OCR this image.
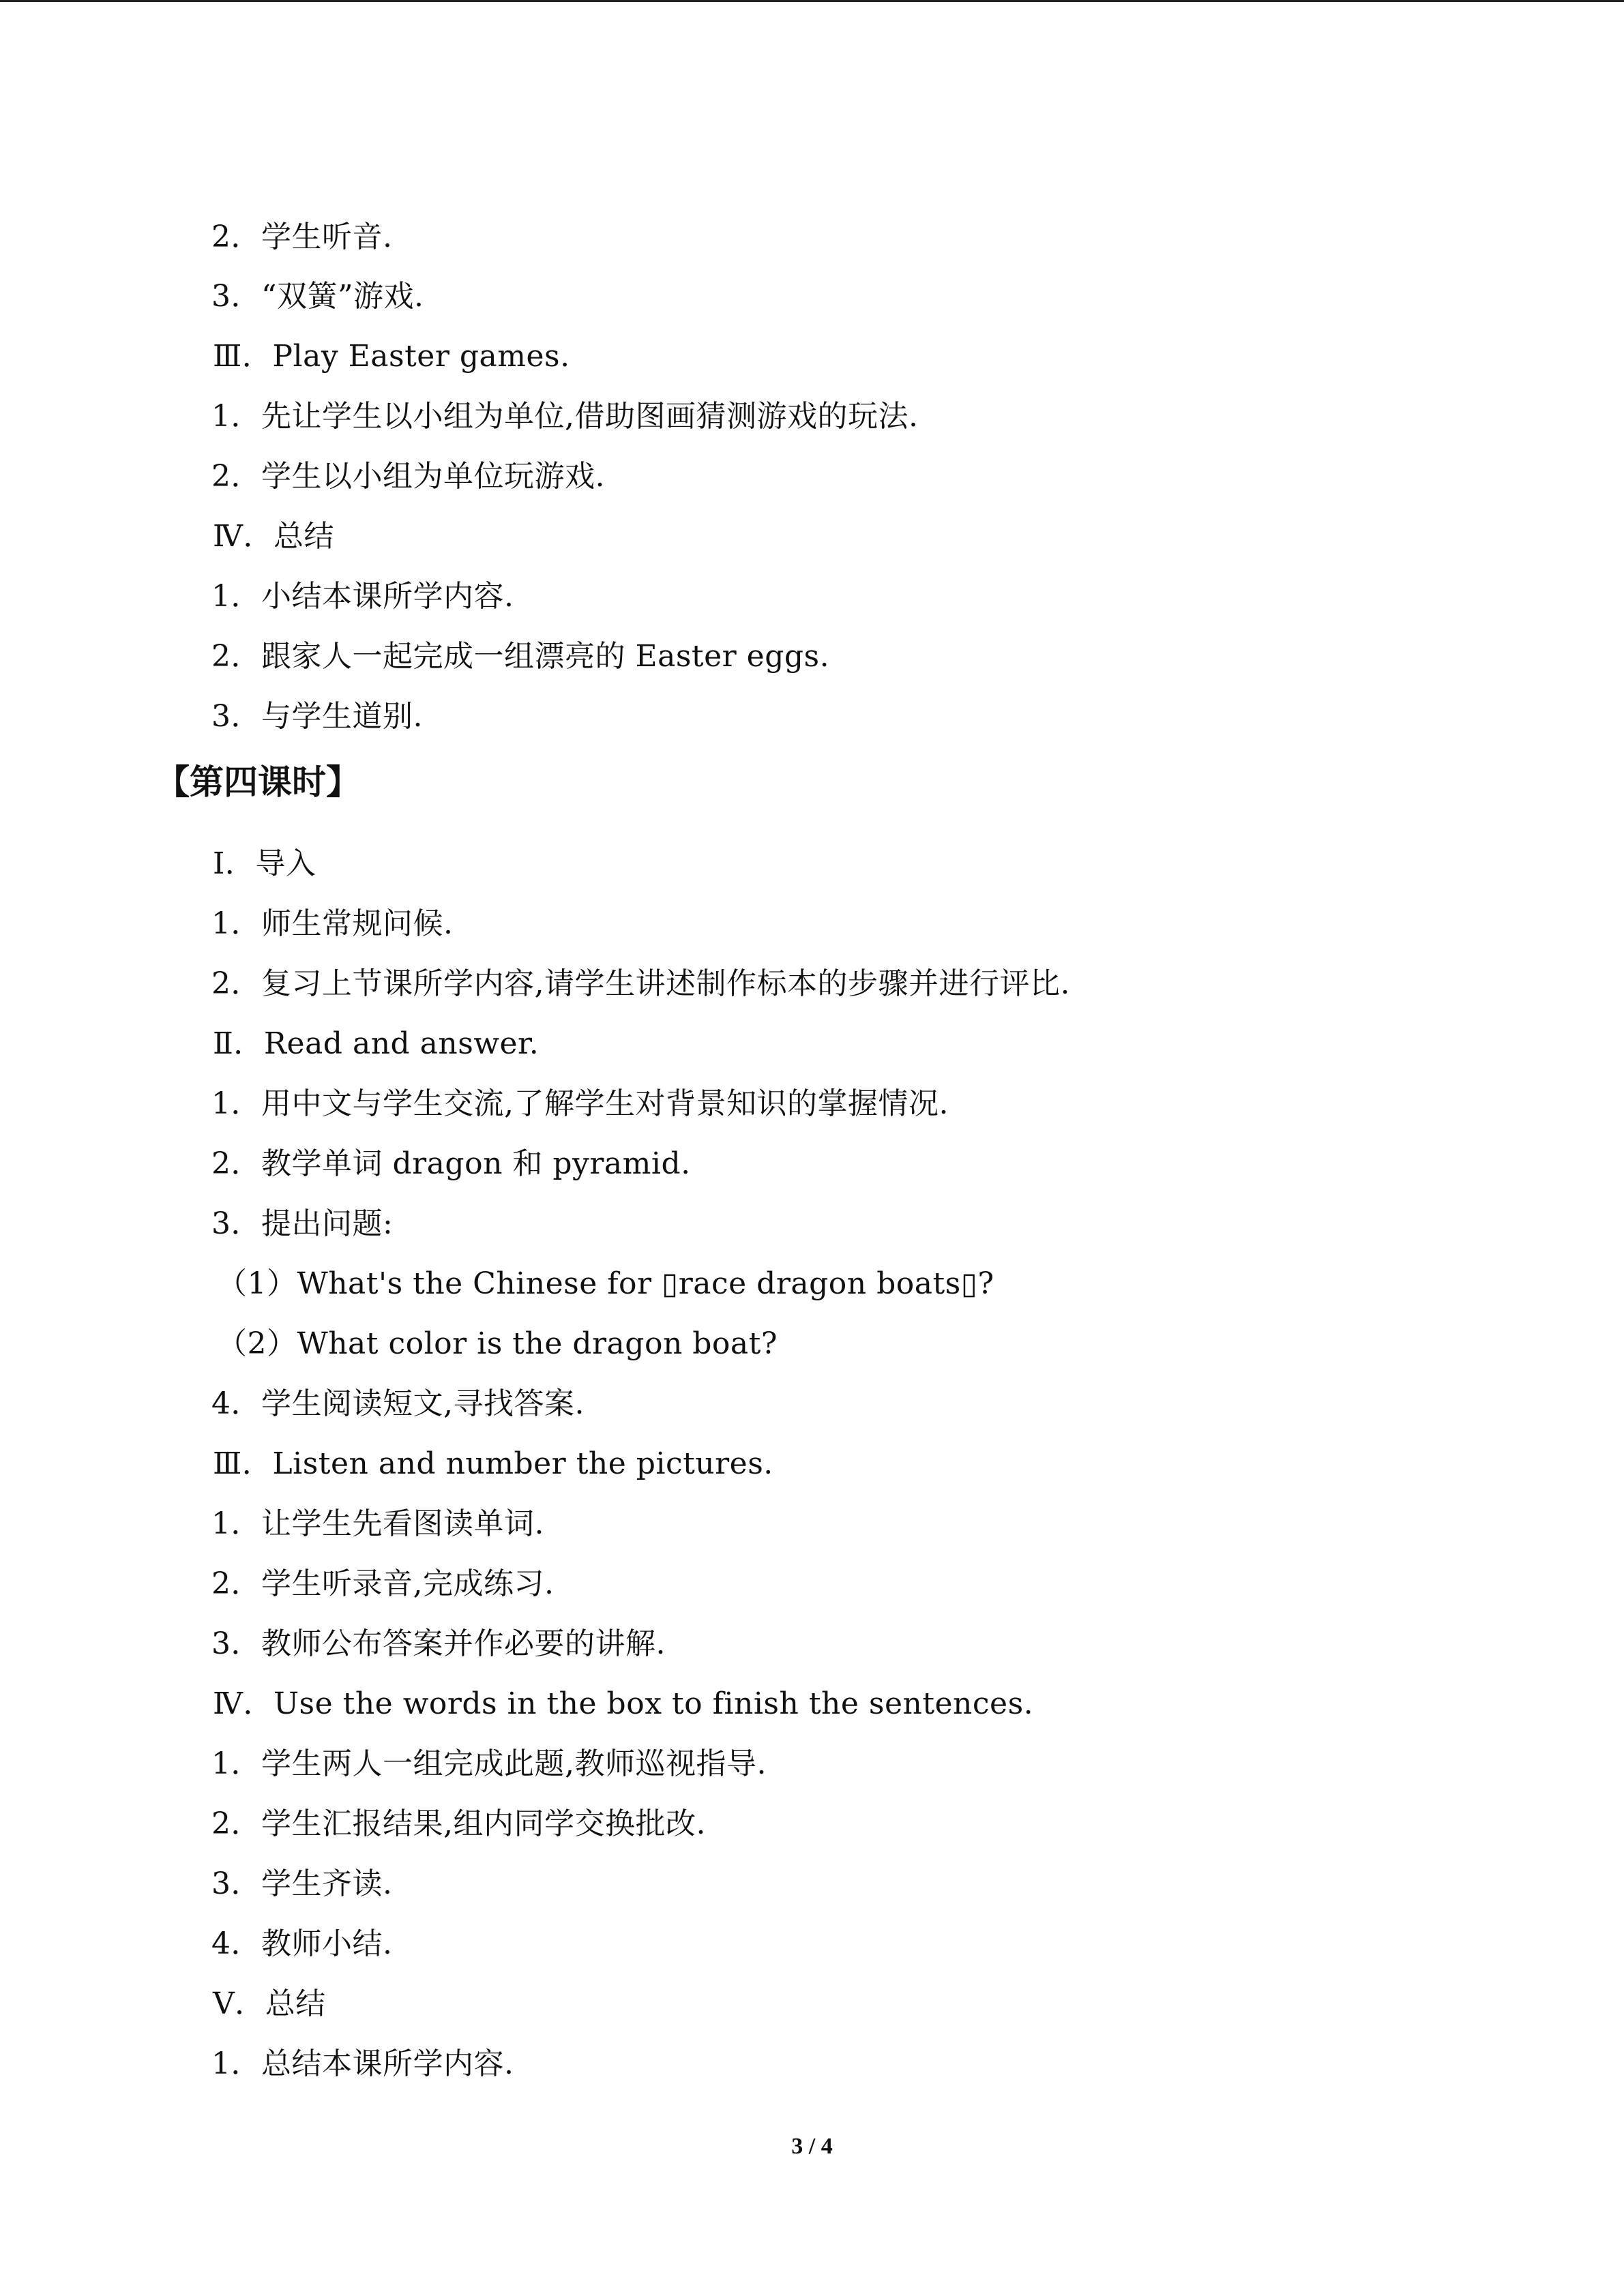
2．学生听音.
3．“双簧”游戏.
Ⅲ．Play Easter games.
1．先让学生以小组为单位,借助图画猜测游戏的玩法.
2．学生以小组为单位玩游戏.
Ⅳ．总结
1．小结本课所学内容.
2．跟家人一起完成一组漂亮的 Easter eggs.
3．与学生道别.
【第四课时】
Ⅰ．导入
1．师生常规问候.
2．复习上节课所学内容,请学生讲述制作标本的步骤并进行评比.
Ⅱ．Read and answer.
1．用中文与学生交流,了解学生对背景知识的掌握情况.
2．教学单词 dragon 和 pyramid.
3．提出问题:
（1）What's the Chinese for ▯race dragon boats▯?
（2）What color is the dragon boat?
4．学生阅读短文,寻找答案.
Ⅲ．Listen and number the pictures.
1．让学生先看图读单词.
2．学生听录音,完成练习.
3．教师公布答案并作必要的讲解.
Ⅳ．Use the words in the box to finish the sentences.
1．学生两人一组完成此题,教师巡视指导.
2．学生汇报结果,组内同学交换批改.
3．学生齐读.
4．教师小结.
Ⅴ．总结
1．总结本课所学内容.
3 / 4
